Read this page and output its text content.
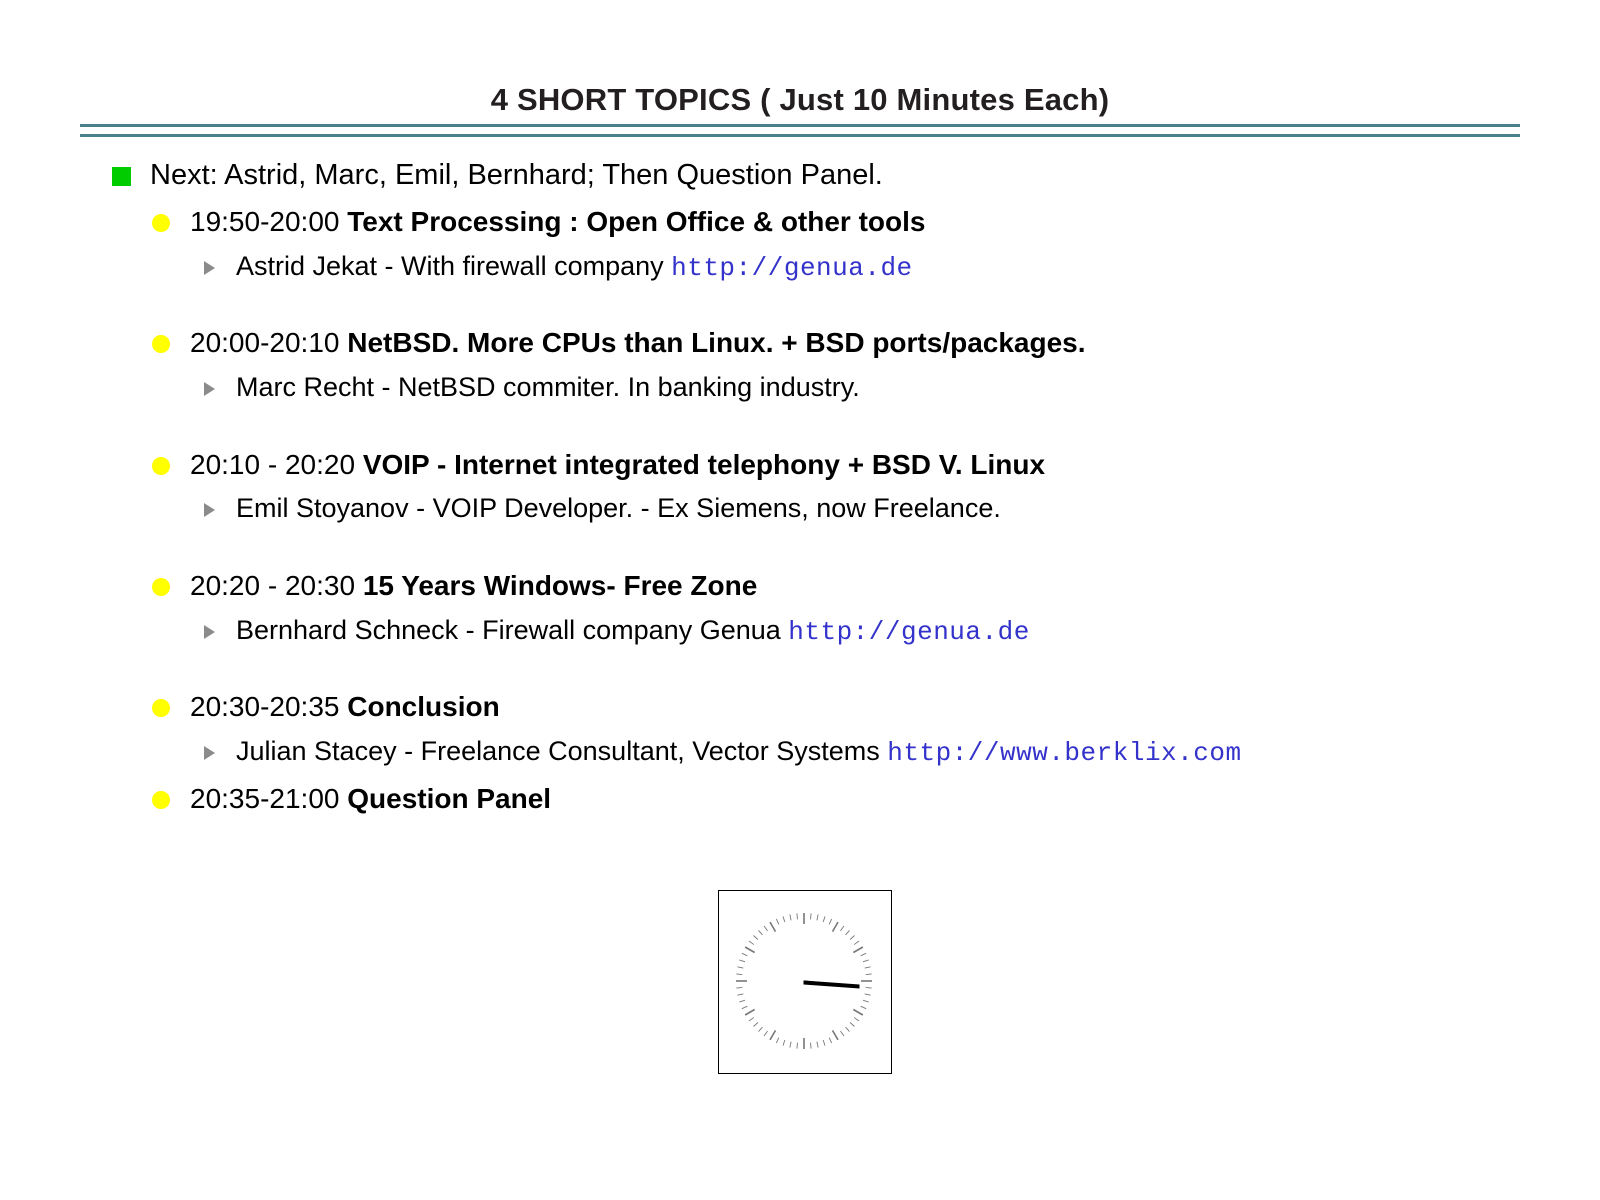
4 SHORT TOPICS ( Just 10 Minutes Each)
Next: Astrid, Marc, Emil, Bernhard; Then Question Panel.
19:50-20:00 Text Processing : Open Office & other tools
Astrid Jekat - With firewall company http://genua.de
20:00-20:10 NetBSD. More CPUs than Linux. + BSD ports/packages.
Marc Recht - NetBSD commiter. In banking industry.
20:10 - 20:20 VOIP - Internet integrated telephony + BSD V. Linux
Emil Stoyanov - VOIP Developer. - Ex Siemens, now Freelance.
20:20 - 20:30 15 Years Windows- Free Zone
Bernhard Schneck - Firewall company Genua http://genua.de
20:30-20:35 Conclusion
Julian Stacey - Freelance Consultant, Vector Systems http://www.berklix.com
20:35-21:00 Question Panel
